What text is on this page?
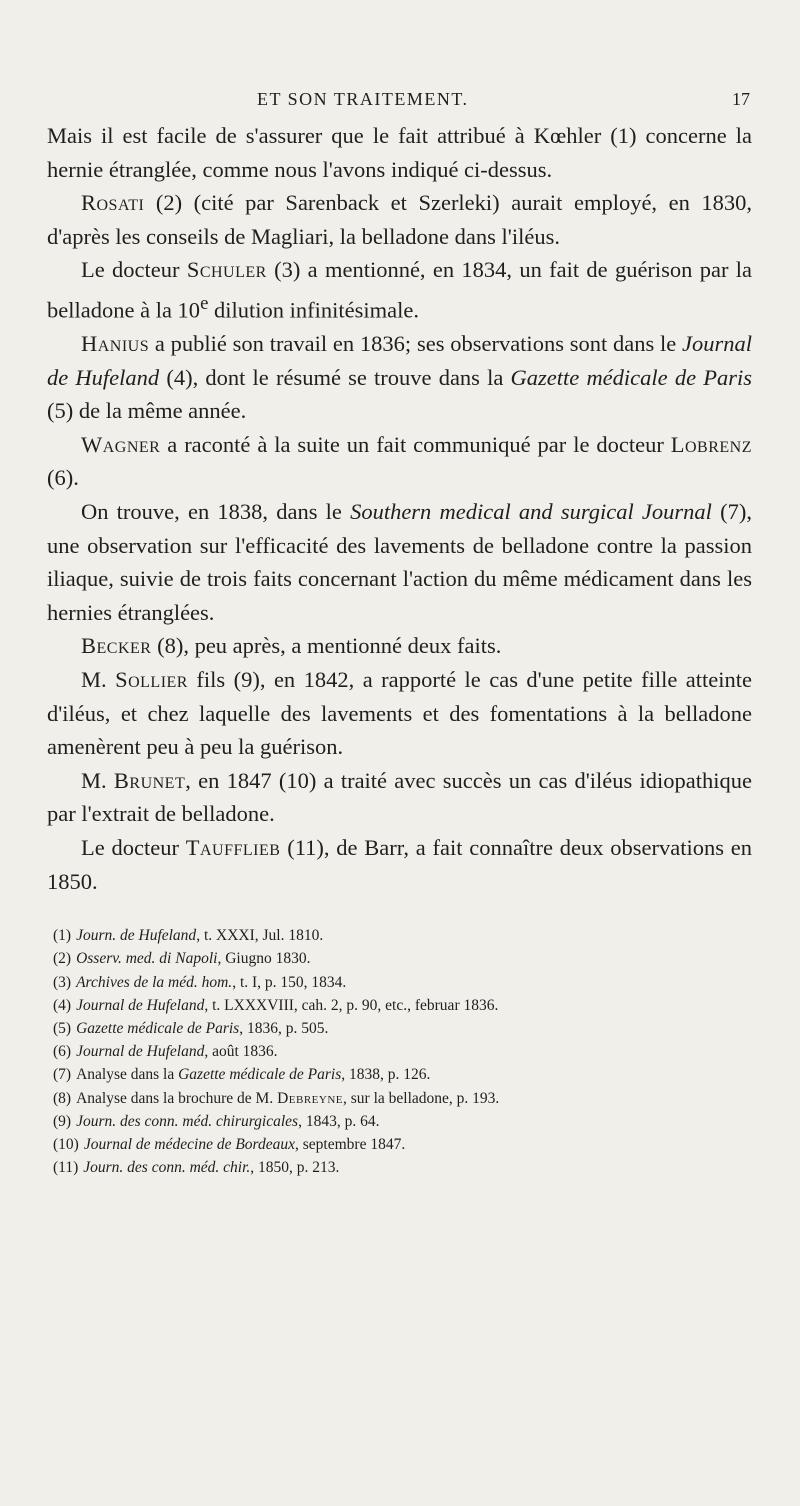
ET SON TRAITEMENT.	17

Mais il est facile de s'assurer que le fait attribué à Kœhler (1) concerne la hernie étranglée, comme nous l'avons indiqué ci-dessus.

Rosati (2) (cité par Sarenback et Szerleki) aurait employé, en 1830, d'après les conseils de Magliari, la belladone dans l'iléus.

Le docteur Schuler (3) a mentionné, en 1834, un fait de guérison par la belladone à la 10e dilution infinitésimale.

Hanius a publié son travail en 1836; ses observations sont dans le Journal de Hufeland (4), dont le résumé se trouve dans la Gazette médicale de Paris (5) de la même année.

Wagner a raconté à la suite un fait communiqué par le docteur Lobrenz (6).

On trouve, en 1838, dans le Southern medical and surgical Journal (7), une observation sur l'efficacité des lavements de belladone contre la passion iliaque, suivie de trois faits concernant l'action du même médicament dans les hernies étranglées.

Becker (8), peu après, a mentionné deux faits.

M. Sollier fils (9), en 1842, a rapporté le cas d'une petite fille atteinte d'iléus, et chez laquelle des lavements et des fomentations à la belladone amenèrent peu à peu la guérison.

M. Brunet, en 1847 (10) a traité avec succès un cas d'iléus idiopathique par l'extrait de belladone.

Le docteur Taufflieb (11), de Barr, a fait connaître deux observations en 1850.

(1) Journ. de Hufeland, t. XXXI, Jul. 1810.
(2) Osserv. med. di Napoli, Giugno 1830.
(3) Archives de la méd. hom., t. I, p. 150, 1834.
(4) Journal de Hufeland, t. LXXXVIII, cah. 2, p. 90, etc., februar 1836.
(5) Gazette médicale de Paris, 1836, p. 505.
(6) Journal de Hufeland, août 1836.
(7) Analyse dans la Gazette médicale de Paris, 1838, p. 126.
(8) Analyse dans la brochure de M. Debreyne, sur la belladone, p. 193.
(9) Journ. des conn. méd. chirurgicales, 1843, p. 64.
(10) Journal de médecine de Bordeaux, septembre 1847.
(11) Journ. des conn. méd. chir., 1850, p. 213.
